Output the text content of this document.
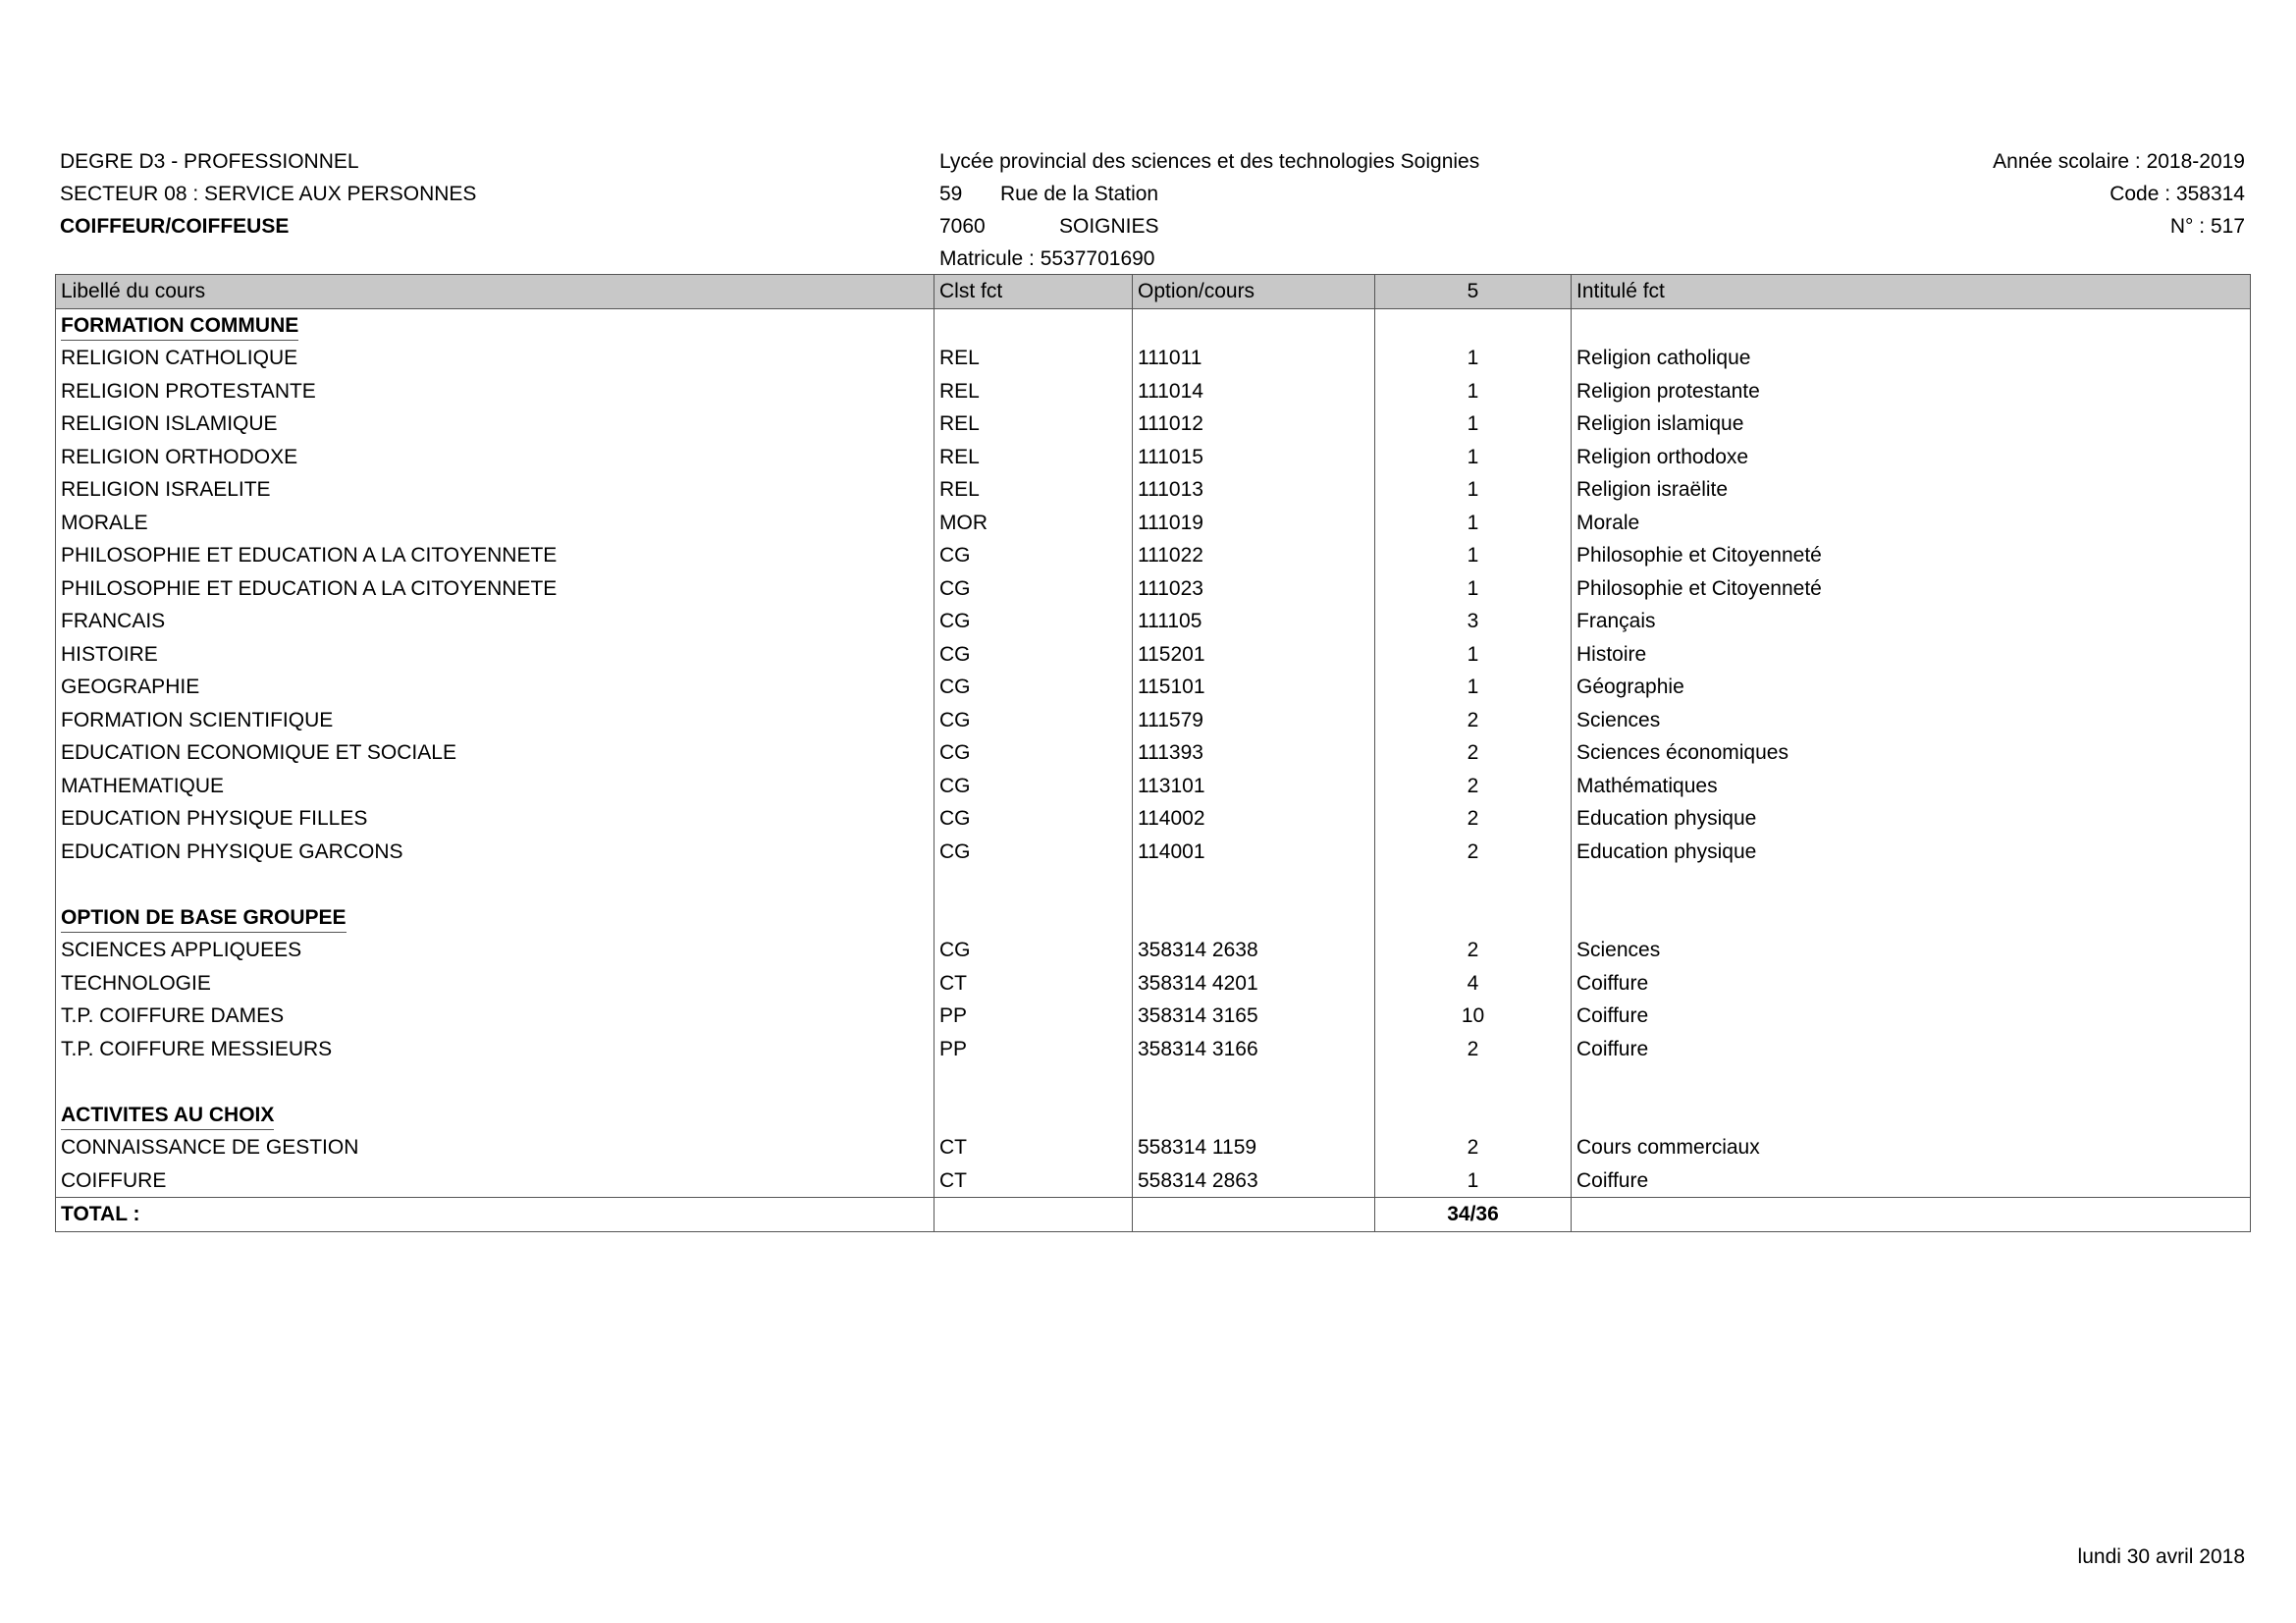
DEGRE D3 - PROFESSIONNEL
SECTEUR 08 : SERVICE AUX PERSONNES
COIFFEUR/COIFFEUSE
Lycée provincial des sciences et des technologies Soignies
59 Rue de la Station
7060	SOIGNIES
Matricule : 5537701690
Année scolaire : 2018-2019
Code : 358314
N° : 517
Libellé du cours	Clst fct	Option/cours	5	Intitulé fct
FORMATION COMMUNE				
RELIGION CATHOLIQUE	REL	111011	1	Religion catholique
RELIGION PROTESTANTE	REL	111014	1	Religion protestante
RELIGION ISLAMIQUE	REL	111012	1	Religion islamique
RELIGION ORTHODOXE	REL	111015	1	Religion orthodoxe
RELIGION ISRAELITE	REL	111013	1	Religion israëlite
MORALE	MOR	111019	1	Morale
PHILOSOPHIE ET EDUCATION A LA CITOYENNETE	CG	111022	1	Philosophie et Citoyenneté
PHILOSOPHIE ET EDUCATION A LA CITOYENNETE	CG	111023	1	Philosophie et Citoyenneté
FRANCAIS	CG	111105	3	Français
HISTOIRE	CG	115201	1	Histoire
GEOGRAPHIE	CG	115101	1	Géographie
FORMATION SCIENTIFIQUE	CG	111579	2	Sciences
EDUCATION ECONOMIQUE ET SOCIALE	CG	111393	2	Sciences économiques
MATHEMATIQUE	CG	113101	2	Mathématiques
EDUCATION PHYSIQUE FILLES	CG	114002	2	Education physique
EDUCATION PHYSIQUE GARCONS	CG	114001	2	Education physique

OPTION DE BASE GROUPEE				
SCIENCES APPLIQUEES	CG	358314 2638	2	Sciences
TECHNOLOGIE	CT	358314 4201	4	Coiffure
T.P. COIFFURE DAMES	PP	358314 3165	10	Coiffure
T.P. COIFFURE MESSIEURS	PP	358314 3166	2	Coiffure

ACTIVITES AU CHOIX				
CONNAISSANCE DE GESTION	CT	558314 1159	2	Cours commerciaux
COIFFURE	CT	558314 2863	1	Coiffure
TOTAL :			34/36	
lundi 30 avril 2018
